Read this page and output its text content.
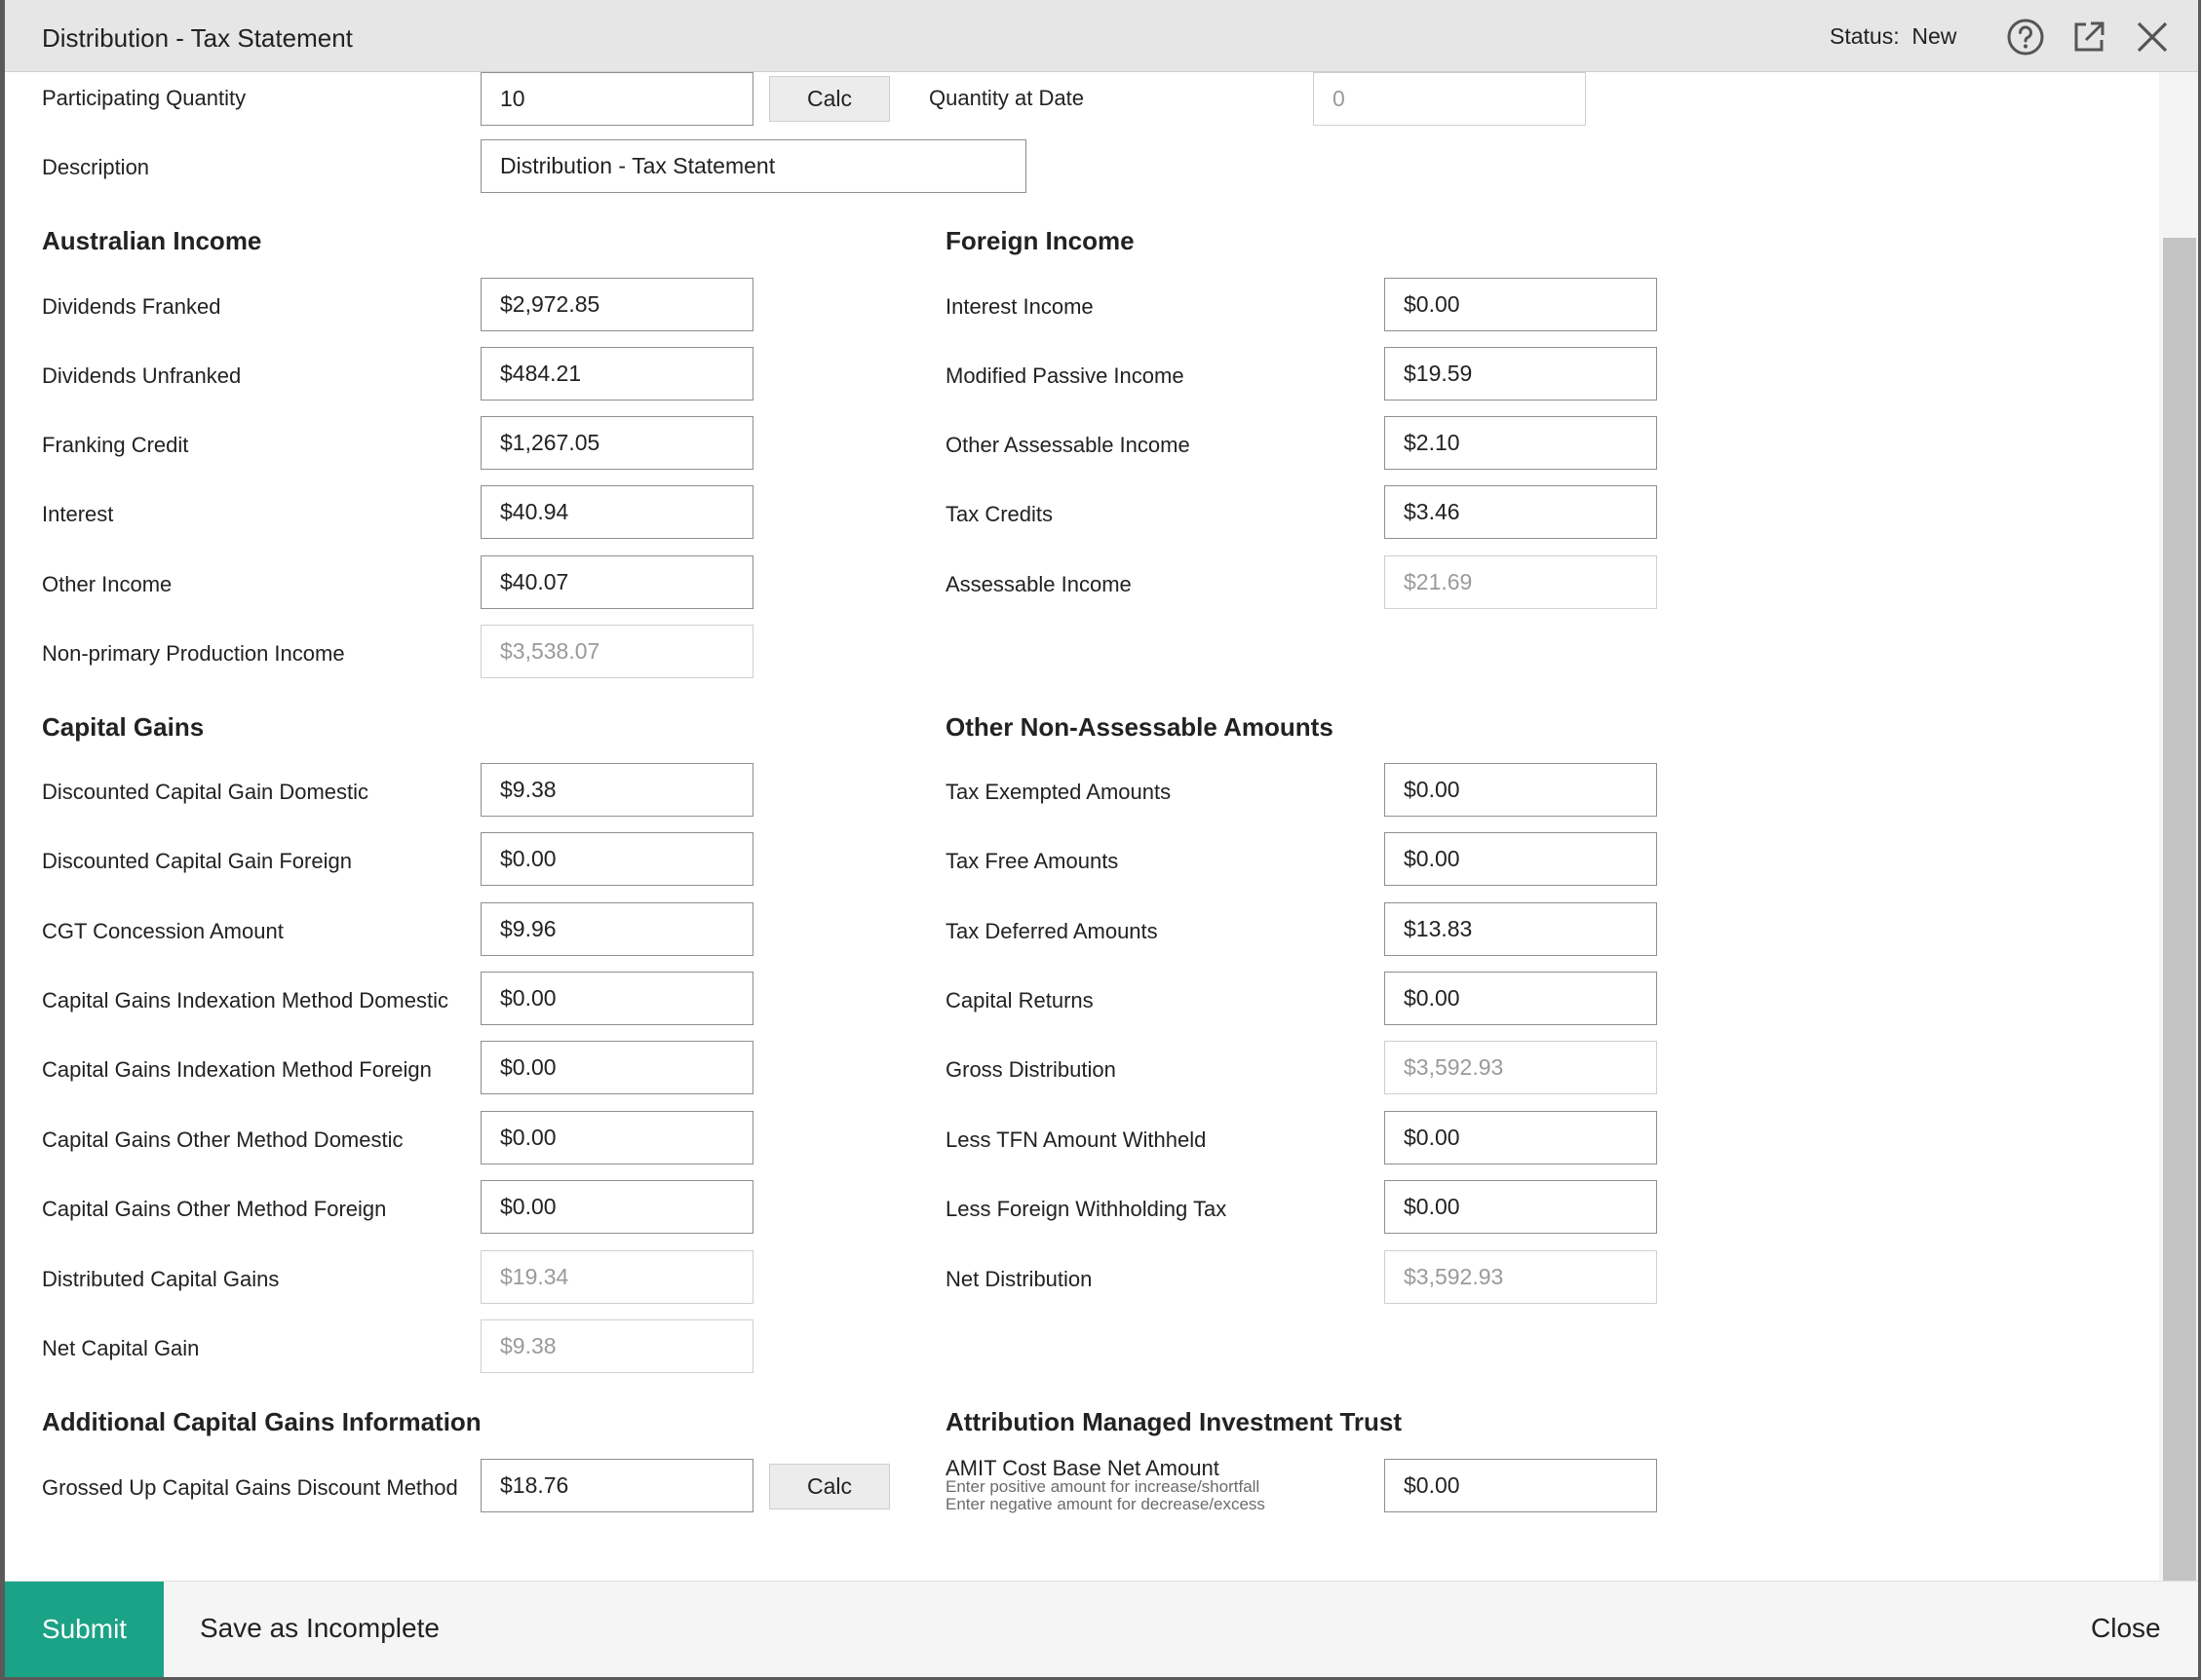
Distribution - Tax Statement	Status: New
Participating Quantity	10	Calc	Quantity at Date	0
Description	Distribution - Tax Statement
Australian Income
Dividends Franked	$2,972.85
Dividends Unfranked	$484.21
Franking Credit	$1,267.05
Interest	$40.94
Other Income	$40.07
Non-primary Production Income	$3,538.07
Foreign Income
Interest Income	$0.00
Modified Passive Income	$19.59
Other Assessable Income	$2.10
Tax Credits	$3.46
Assessable Income	$21.69
Capital Gains
Discounted Capital Gain Domestic	$9.38
Discounted Capital Gain Foreign	$0.00
CGT Concession Amount	$9.96
Capital Gains Indexation Method Domestic	$0.00
Capital Gains Indexation Method Foreign	$0.00
Capital Gains Other Method Domestic	$0.00
Capital Gains Other Method Foreign	$0.00
Distributed Capital Gains	$19.34
Net Capital Gain	$9.38
Other Non-Assessable Amounts
Tax Exempted Amounts	$0.00
Tax Free Amounts	$0.00
Tax Deferred Amounts	$13.83
Capital Returns	$0.00
Gross Distribution	$3,592.93
Less TFN Amount Withheld	$0.00
Less Foreign Withholding Tax	$0.00
Net Distribution	$3,592.93
Additional Capital Gains Information
Grossed Up Capital Gains Discount Method	$18.76	Calc
Attribution Managed Investment Trust
AMIT Cost Base Net Amount
Enter positive amount for increase/shortfall
Enter negative amount for decrease/excess
$0.00
Submit	Save as Incomplete	Close
